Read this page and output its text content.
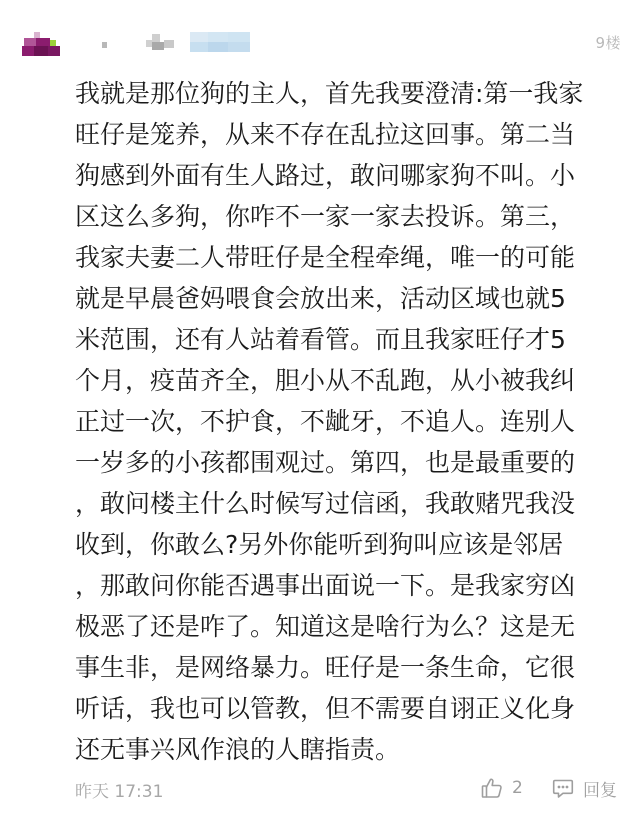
9楼
我就是那位狗的主人，首先我要澄清:第一我家
旺仔是笼养，从来不存在乱拉这回事。第二当
狗感到外面有生人路过，敢问哪家狗不叫。小
区这么多狗，你咋不一家一家去投诉。第三，
我家夫妻二人带旺仔是全程牵绳，唯一的可能
就是早晨爸妈喂食会放出来，活动区域也就5
米范围，还有人站着看管。而且我家旺仔才5
个月，疫苗齐全，胆小从不乱跑，从小被我纠
正过一次，不护食，不龇牙，不追人。连别人
一岁多的小孩都围观过。第四，也是最重要的
，敢问楼主什么时候写过信函，我敢赌咒我没
收到，你敢么?另外你能听到狗叫应该是邻居
，那敢问你能否遇事出面说一下。是我家穷凶
极恶了还是咋了。知道这是啥行为么？这是无
事生非，是网络暴力。旺仔是一条生命，它很
听话，我也可以管教，但不需要自诩正义化身
还无事兴风作浪的人瞎指责。
昨天 17:31	2	回复
